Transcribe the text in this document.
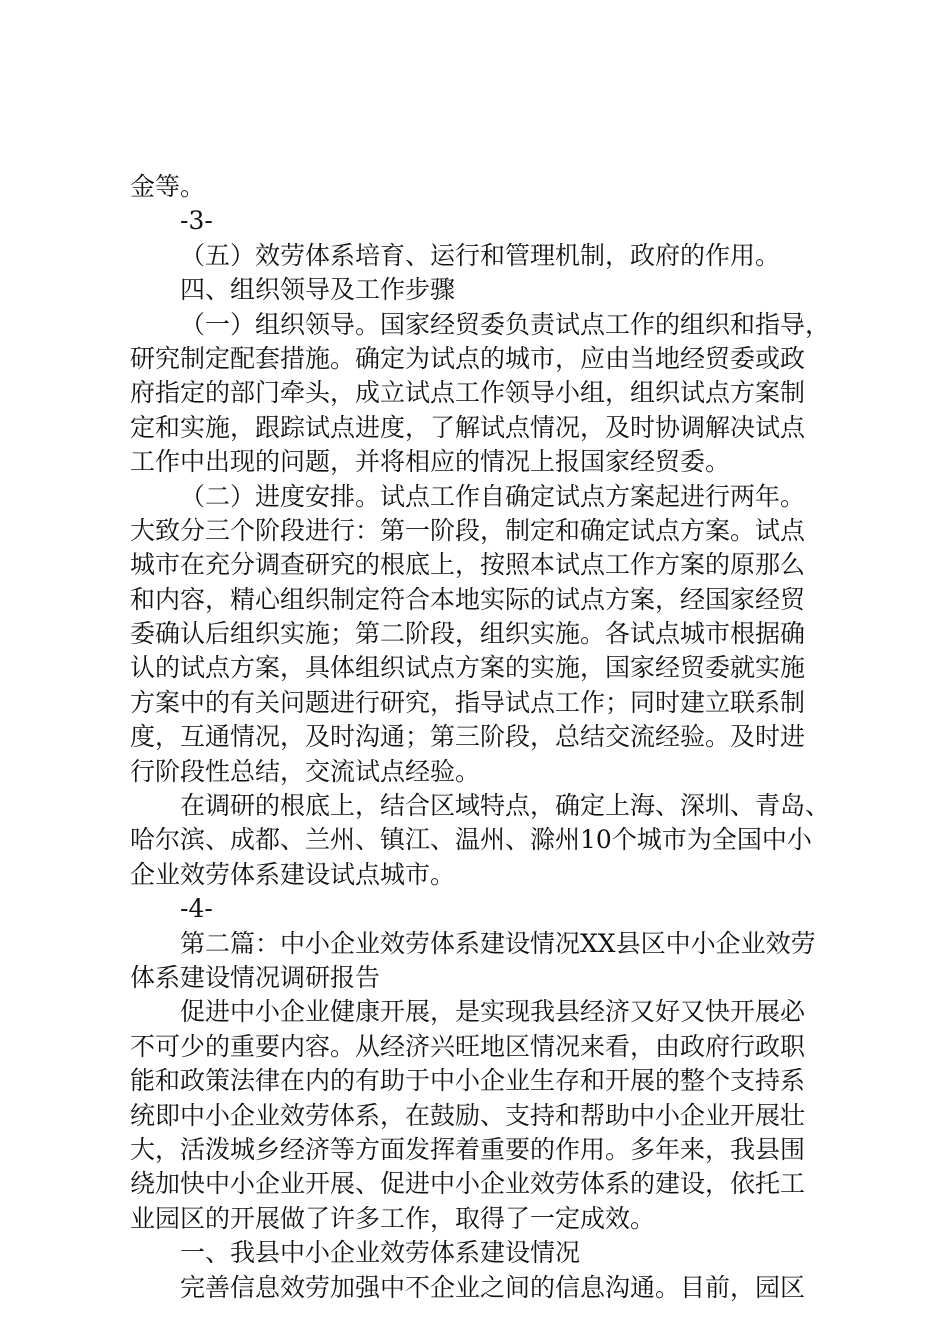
金等。
-3-
（五）效劳体系培育、运行和管理机制，政府的作用。
四、组织领导及工作步骤
（一）组织领导。国家经贸委负责试点工作的组织和指导，
研究制定配套措施。确定为试点的城市，应由当地经贸委或政
府指定的部门牵头，成立试点工作领导小组，组织试点方案制
定和实施，跟踪试点进度，了解试点情况，及时协调解决试点
工作中出现的问题，并将相应的情况上报国家经贸委。
（二）进度安排。试点工作自确定试点方案起进行两年。
大致分三个阶段进行：第一阶段，制定和确定试点方案。试点
城市在充分调查研究的根底上，按照本试点工作方案的原那么
和内容，精心组织制定符合本地实际的试点方案，经国家经贸
委确认后组织实施；第二阶段，组织实施。各试点城市根据确
认的试点方案，具体组织试点方案的实施，国家经贸委就实施
方案中的有关问题进行研究，指导试点工作；同时建立联系制
度，互通情况，及时沟通；第三阶段，总结交流经验。及时进
行阶段性总结，交流试点经验。
在调研的根底上，结合区域特点，确定上海、深圳、青岛、
哈尔滨、成都、兰州、镇江、温州、滁州10个城市为全国中小
企业效劳体系建设试点城市。
-4-
第二篇：中小企业效劳体系建设情况XX县区中小企业效劳
体系建设情况调研报告
促进中小企业健康开展，是实现我县经济又好又快开展必
不可少的重要内容。从经济兴旺地区情况来看，由政府行政职
能和政策法律在内的有助于中小企业生存和开展的整个支持系
统即中小企业效劳体系，在鼓励、支持和帮助中小企业开展壮
大，活泼城乡经济等方面发挥着重要的作用。多年来，我县围
绕加快中小企业开展、促进中小企业效劳体系的建设，依托工
业园区的开展做了许多工作，取得了一定成效。
一、我县中小企业效劳体系建设情况
完善信息效劳加强中不企业之间的信息沟通。目前，园区
